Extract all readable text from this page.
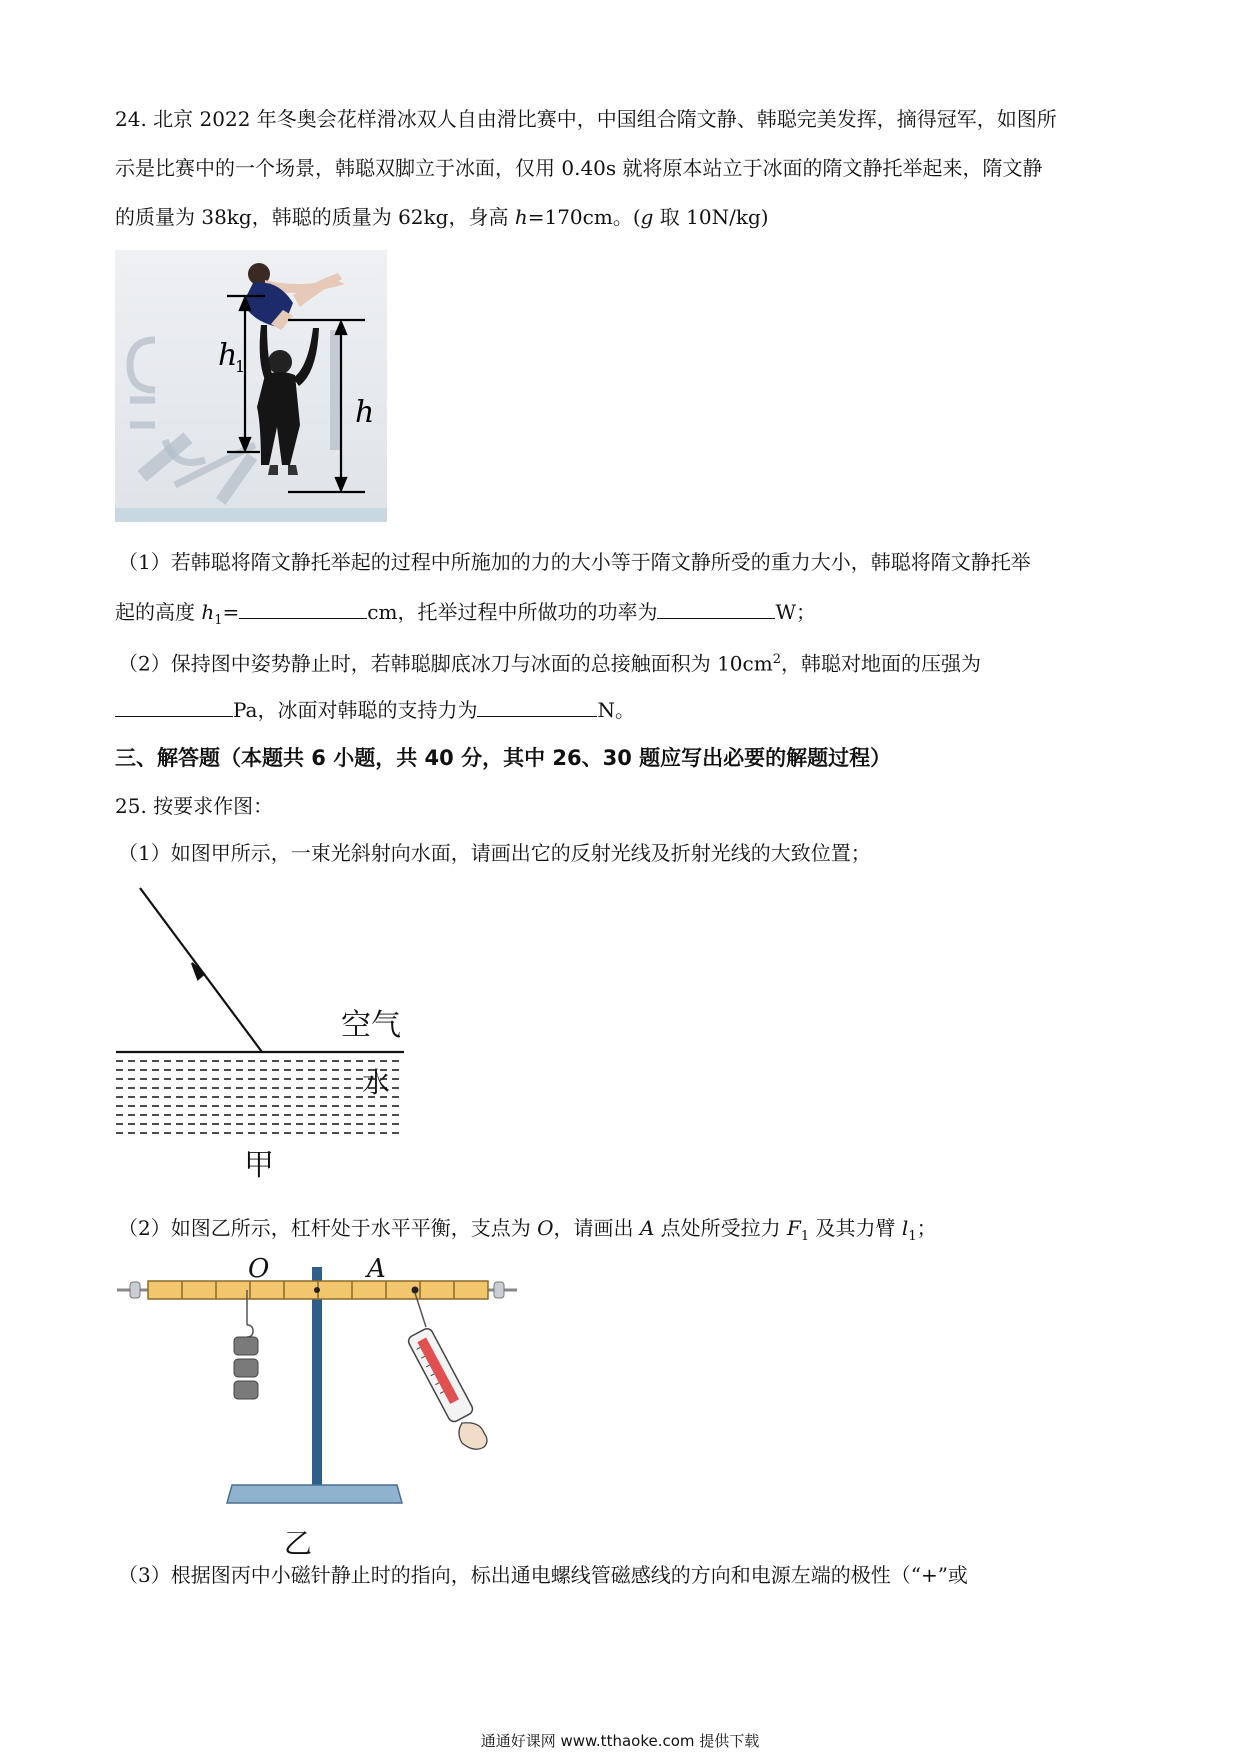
24. 北京 2022 年冬奥会花样滑冰双人自由滑比赛中，中国组合隋文静、韩聪完美发挥，摘得冠军，如图所
示是比赛中的一个场景，韩聪双脚立于冰面，仅用 0.40s 就将原本站立于冰面的隋文静托举起来，隋文静
的质量为 38kg，韩聪的质量为 62kg，身高 h=170cm。(g 取 10N/kg)
h
1
h
（1）若韩聪将隋文静托举起的过程中所施加的力的大小等于隋文静所受的重力大小，韩聪将隋文静托举
起的高度 $h_1=$	cm，托举过程中所做功的功率为	W；
（2）保持图中姿势静止时，若韩聪脚底冰刀与冰面的总接触面积为 $10cm^2$，韩聪对地面的压强为
Pa，冰面对韩聪的支持力为	N。
三、解答题（本题共 6 小题，共 40 分，其中 26、30 题应写出必要的解题过程）
25. 按要求作图：
（1）如图甲所示，一束光斜射向水面，请画出它的反射光线及折射光线的大致位置；
空气
水
甲
（2）如图乙所示，杠杆处于水平平衡，支点为 O，请画出 A 点处所受拉力 $F_1$ 及其力臂 $l_1$；
O	A
乙
（3）根据图丙中小磁针静止时的指向，标出通电螺线管磁感线的方向和电源左端的极性（“+”或
通通好课网 www.tthaoke.com 提供下载
